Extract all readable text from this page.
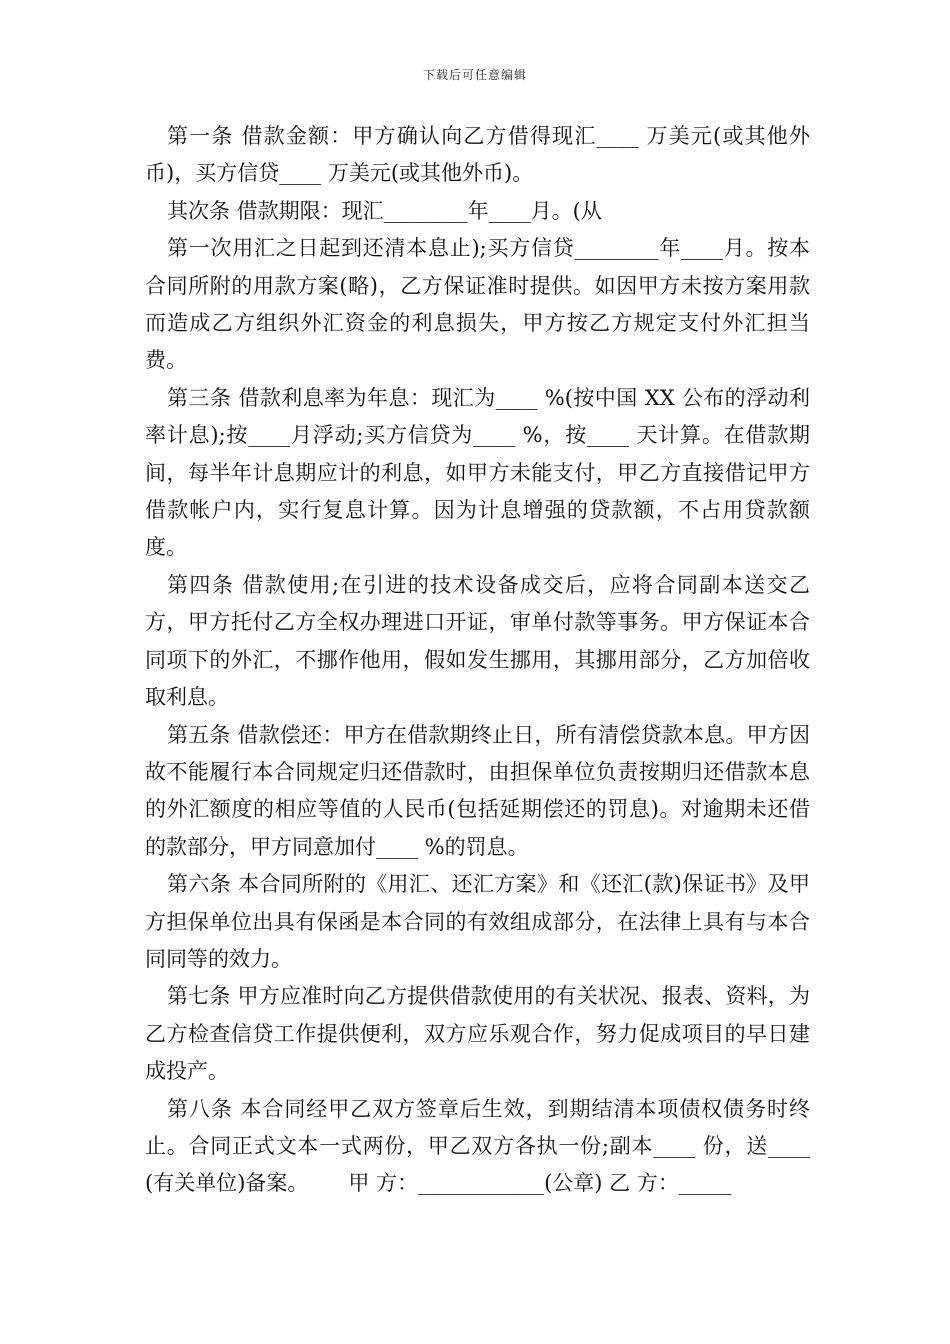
下载后可任意编辑

第一条 借款金额：甲方确认向乙方借得现汇____ 万美元(或其他外币)，买方信贷____ 万美元(或其他外币)。

其次条 借款期限：现汇________年____月。(从

第一次用汇之日起到还清本息止);买方信贷________年____月。按本合同所附的用款方案(略)，乙方保证准时提供。如因甲方未按方案用款而造成乙方组织外汇资金的利息损失，甲方按乙方规定支付外汇担当费。

第三条 借款利息率为年息：现汇为____ %(按中国 XX 公布的浮动利率计息);按____月浮动;买方信贷为____ %，按____ 天计算。在借款期间，每半年计息期应计的利息，如甲方未能支付，甲乙方直接借记甲方借款帐户内，实行复息计算。因为计息增强的贷款额，不占用贷款额度。

第四条 借款使用;在引进的技术设备成交后，应将合同副本送交乙方，甲方托付乙方全权办理进口开证，审单付款等事务。甲方保证本合同项下的外汇，不挪作他用，假如发生挪用，其挪用部分，乙方加倍收取利息。

第五条 借款偿还：甲方在借款期终止日，所有清偿贷款本息。甲方因故不能履行本合同规定归还借款时，由担保单位负责按期归还借款本息的外汇额度的相应等值的人民币(包括延期偿还的罚息)。对逾期未还借的款部分，甲方同意加付____ %的罚息。

第六条 本合同所附的《用汇、还汇方案》和《还汇(款)保证书》及甲方担保单位出具有保函是本合同的有效组成部分，在法律上具有与本合同同等的效力。

第七条 甲方应准时向乙方提供借款使用的有关状况、报表、资料，为乙方检查信贷工作提供便利，双方应乐观合作，努力促成项目的早日建成投产。

第八条 本合同经甲乙双方签章后生效，到期结清本项债权债务时终止。合同正式文本一式两份，甲乙双方各执一份;副本____ 份，送____ (有关单位)备案。      甲 方：____________(公章) 乙 方：_____
